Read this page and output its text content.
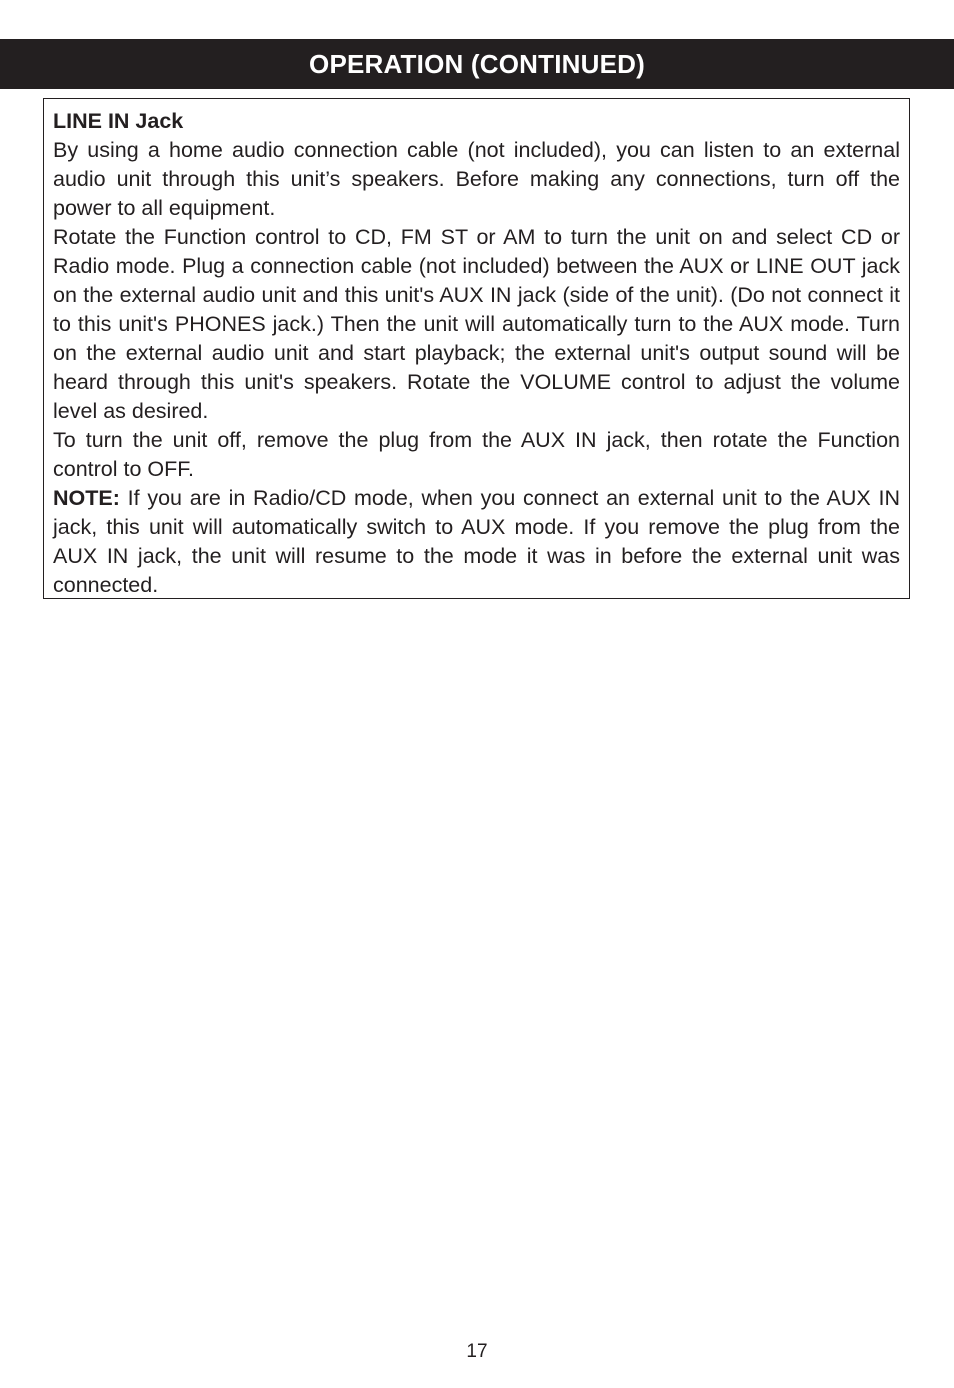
OPERATION (CONTINUED)

LINE IN Jack

By using a home audio connection cable (not included), you can listen to an external audio unit through this unit’s speakers. Before making any connections, turn off the power to all equipment.

Rotate the Function control to CD, FM ST or AM to turn the unit on and select CD or Radio mode. Plug a connection cable (not included) between the AUX or LINE OUT jack on the external audio unit and this unit's AUX IN jack (side of the unit). (Do not connect it to this unit's PHONES jack.) Then the unit will automatically turn to the AUX mode. Turn on the external audio unit and start playback; the external unit's output sound will be heard through this unit's speakers. Rotate the VOLUME control to adjust the volume level as desired.

To turn the unit off, remove the plug from the AUX IN jack, then rotate the Function control to OFF.

NOTE: If you are in Radio/CD mode, when you connect an external unit to the AUX IN jack, this unit will automatically switch to AUX mode. If you remove the plug from the AUX IN jack, the unit will resume to the mode it was in before the external unit was connected.

17
